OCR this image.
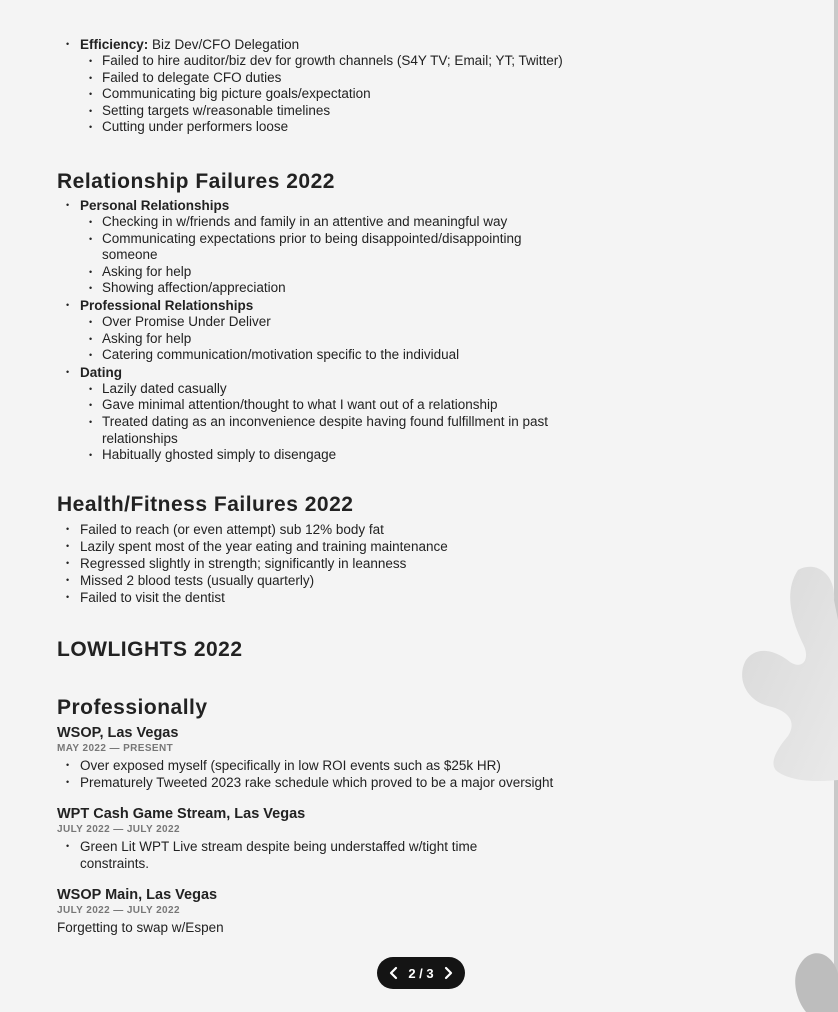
• Efficiency: Biz Dev/CFO Delegation
• Failed to hire auditor/biz dev for growth channels (S4Y TV; Email; YT; Twitter)
• Failed to delegate CFO duties
• Communicating big picture goals/expectation
• Setting targets w/reasonable timelines
• Cutting under performers loose
Relationship Failures 2022
• Personal Relationships
• Checking in w/friends and family in an attentive and meaningful way
• Communicating expectations prior to being disappointed/disappointing someone
• Asking for help
• Showing affection/appreciation
• Professional Relationships
• Over Promise Under Deliver
• Asking for help
• Catering communication/motivation specific to the individual
• Dating
• Lazily dated casually
• Gave minimal attention/thought to what I want out of a relationship
• Treated dating as an inconvenience despite having found fulfillment in past relationships
• Habitually ghosted simply to disengage
Health/Fitness Failures 2022
• Failed to reach (or even attempt) sub 12% body fat
• Lazily spent most of the year eating and training maintenance
• Regressed slightly in strength; significantly in leanness
• Missed 2 blood tests (usually quarterly)
• Failed to visit the dentist
LOWLIGHTS 2022
Professionally
WSOP, Las Vegas
MAY 2022 — PRESENT
• Over exposed myself (specifically in low ROI events such as $25k HR)
• Prematurely Tweeted 2023 rake schedule which proved to be a major oversight
WPT Cash Game Stream, Las Vegas
JULY 2022 — JULY 2022
• Green Lit WPT Live stream despite being understaffed w/tight time constraints.
WSOP Main, Las Vegas
JULY 2022 — JULY 2022

Forgetting to swap w/Espen

2 / 3
